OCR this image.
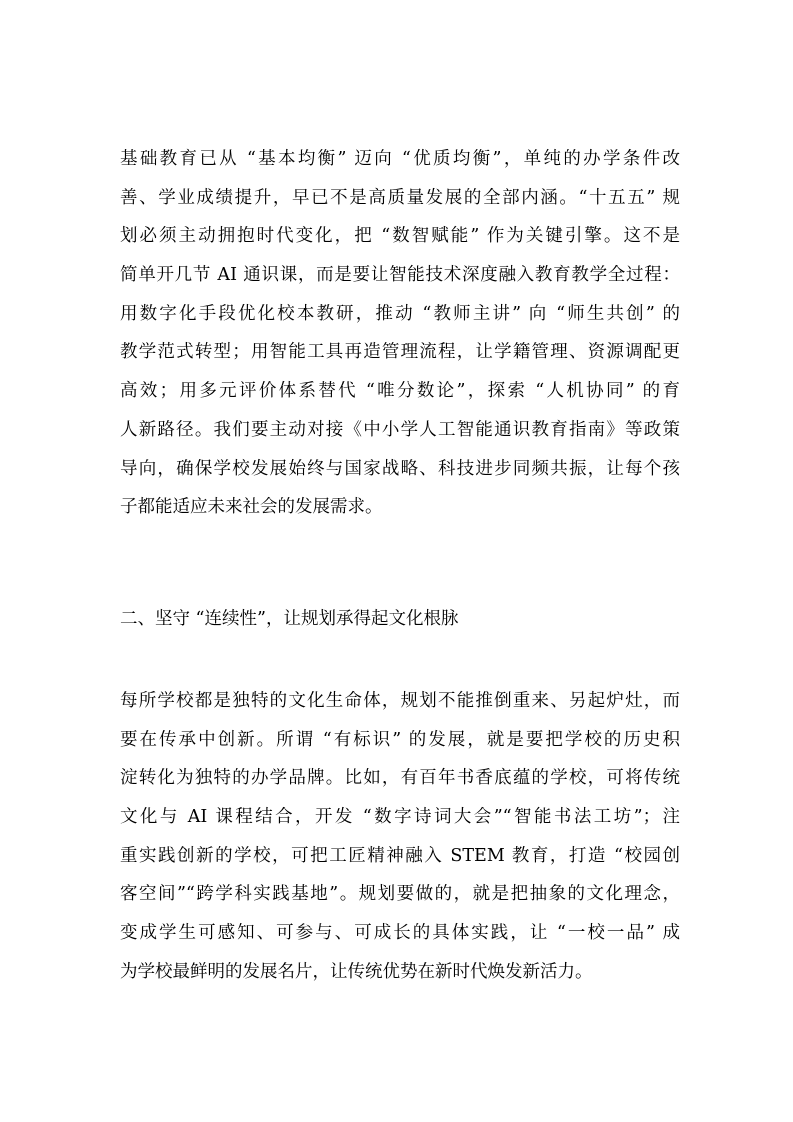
基础教育已从 “基本均衡” 迈向 “优质均衡”，单纯的办学条件改
善、学业成绩提升，早已不是高质量发展的全部内涵。“十五五” 规
划必须主动拥抱时代变化，把 “数智赋能” 作为关键引擎。这不是
简单开几节 AI 通识课，而是要让智能技术深度融入教育教学全过程：
用数字化手段优化校本教研，推动 “教师主讲” 向 “师生共创” 的
教学范式转型；用智能工具再造管理流程，让学籍管理、资源调配更
高效；用多元评价体系替代 “唯分数论”，探索 “人机协同” 的育
人新路径。我们要主动对接《中小学人工智能通识教育指南》等政策
导向，确保学校发展始终与国家战略、科技进步同频共振，让每个孩
子都能适应未来社会的发展需求。
二、坚守 “连续性”，让规划承得起文化根脉
每所学校都是独特的文化生命体，规划不能推倒重来、另起炉灶，而
要在传承中创新。所谓 “有标识” 的发展，就是要把学校的历史积
淀转化为独特的办学品牌。比如，有百年书香底蕴的学校，可将传统
文化与 AI 课程结合，开发 “数字诗词大会”“智能书法工坊”；注
重实践创新的学校，可把工匠精神融入 STEM 教育，打造 “校园创
客空间”“跨学科实践基地”。规划要做的，就是把抽象的文化理念，
变成学生可感知、可参与、可成长的具体实践，让 “一校一品” 成
为学校最鲜明的发展名片，让传统优势在新时代焕发新活力。
